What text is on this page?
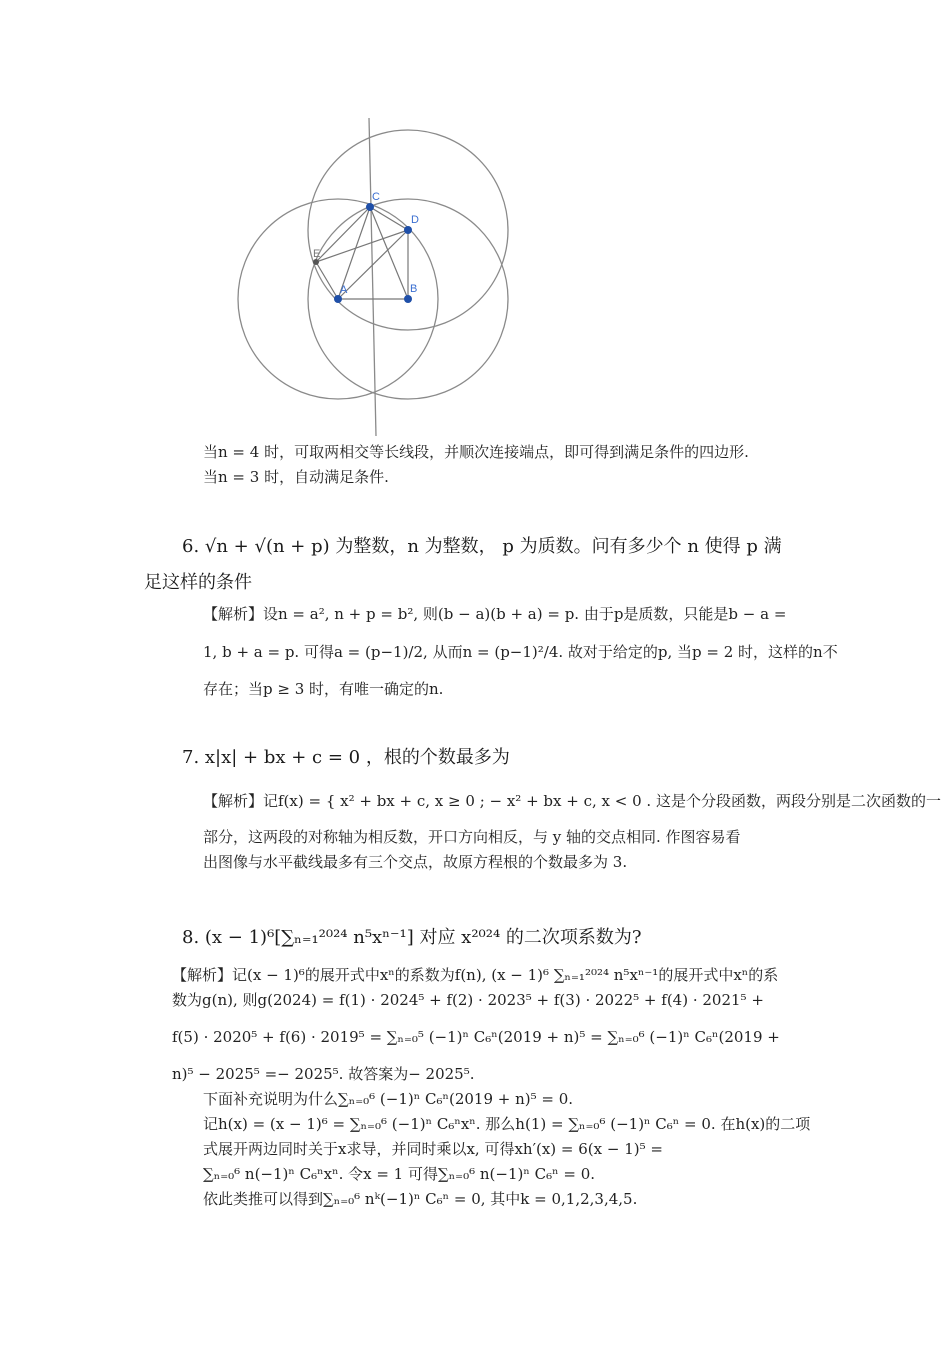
C
D
E
A	B
当n = 4 时，可取两相交等长线段，并顺次连接端点，即可得到满足条件的四边形.
当n = 3 时，自动满足条件.
6. √n + √(n + p) 为整数，n 为整数， p 为质数。问有多少个 n 使得 p 满
足这样的条件
【解析】设n = a², n + p = b², 则(b − a)(b + a) = p. 由于p是质数，只能是b − a =
1, b + a = p. 可得a = (p−1)/2, 从而n = (p−1)²/4. 故对于给定的p, 当p = 2 时，这样的n不
存在；当p ≥ 3 时，有唯一确定的n.
7. x|x| + bx + c = 0 ，根的个数最多为
【解析】记f(x) = { x² + bx + c, x ≥ 0 ; − x² + bx + c, x < 0 . 这是个分段函数，两段分别是二次函数的一
部分，这两段的对称轴为相反数，开口方向相反，与 y 轴的交点相同. 作图容易看
出图像与水平截线最多有三个交点，故原方程根的个数最多为 3.
8. (x − 1)⁶[∑ₙ₌₁²⁰²⁴ n⁵xⁿ⁻¹] 对应 x²⁰²⁴ 的二次项系数为?
【解析】记(x − 1)⁶的展开式中xⁿ的系数为f(n), (x − 1)⁶ ∑ₙ₌₁²⁰²⁴ n⁵xⁿ⁻¹的展开式中xⁿ的系
数为g(n), 则g(2024) = f(1) · 2024⁵ + f(2) · 2023⁵ + f(3) · 2022⁵ + f(4) · 2021⁵ +
f(5) · 2020⁵ + f(6) · 2019⁵ = ∑ₙ₌₀⁵ (−1)ⁿ C₆ⁿ(2019 + n)⁵ = ∑ₙ₌₀⁶ (−1)ⁿ C₆ⁿ(2019 +
n)⁵ − 2025⁵ =− 2025⁵. 故答案为− 2025⁵.
下面补充说明为什么∑ₙ₌₀⁶ (−1)ⁿ C₆ⁿ(2019 + n)⁵ = 0.
记h(x) = (x − 1)⁶ = ∑ₙ₌₀⁶ (−1)ⁿ C₆ⁿxⁿ. 那么h(1) = ∑ₙ₌₀⁶ (−1)ⁿ C₆ⁿ = 0. 在h(x)的二项
式展开两边同时关于x求导，并同时乘以x, 可得xh′(x) = 6(x − 1)⁵ =
∑ₙ₌₀⁶ n(−1)ⁿ C₆ⁿxⁿ. 令x = 1 可得∑ₙ₌₀⁶ n(−1)ⁿ C₆ⁿ = 0.
依此类推可以得到∑ₙ₌₀⁶ nᵏ(−1)ⁿ C₆ⁿ = 0, 其中k = 0,1,2,3,4,5.
